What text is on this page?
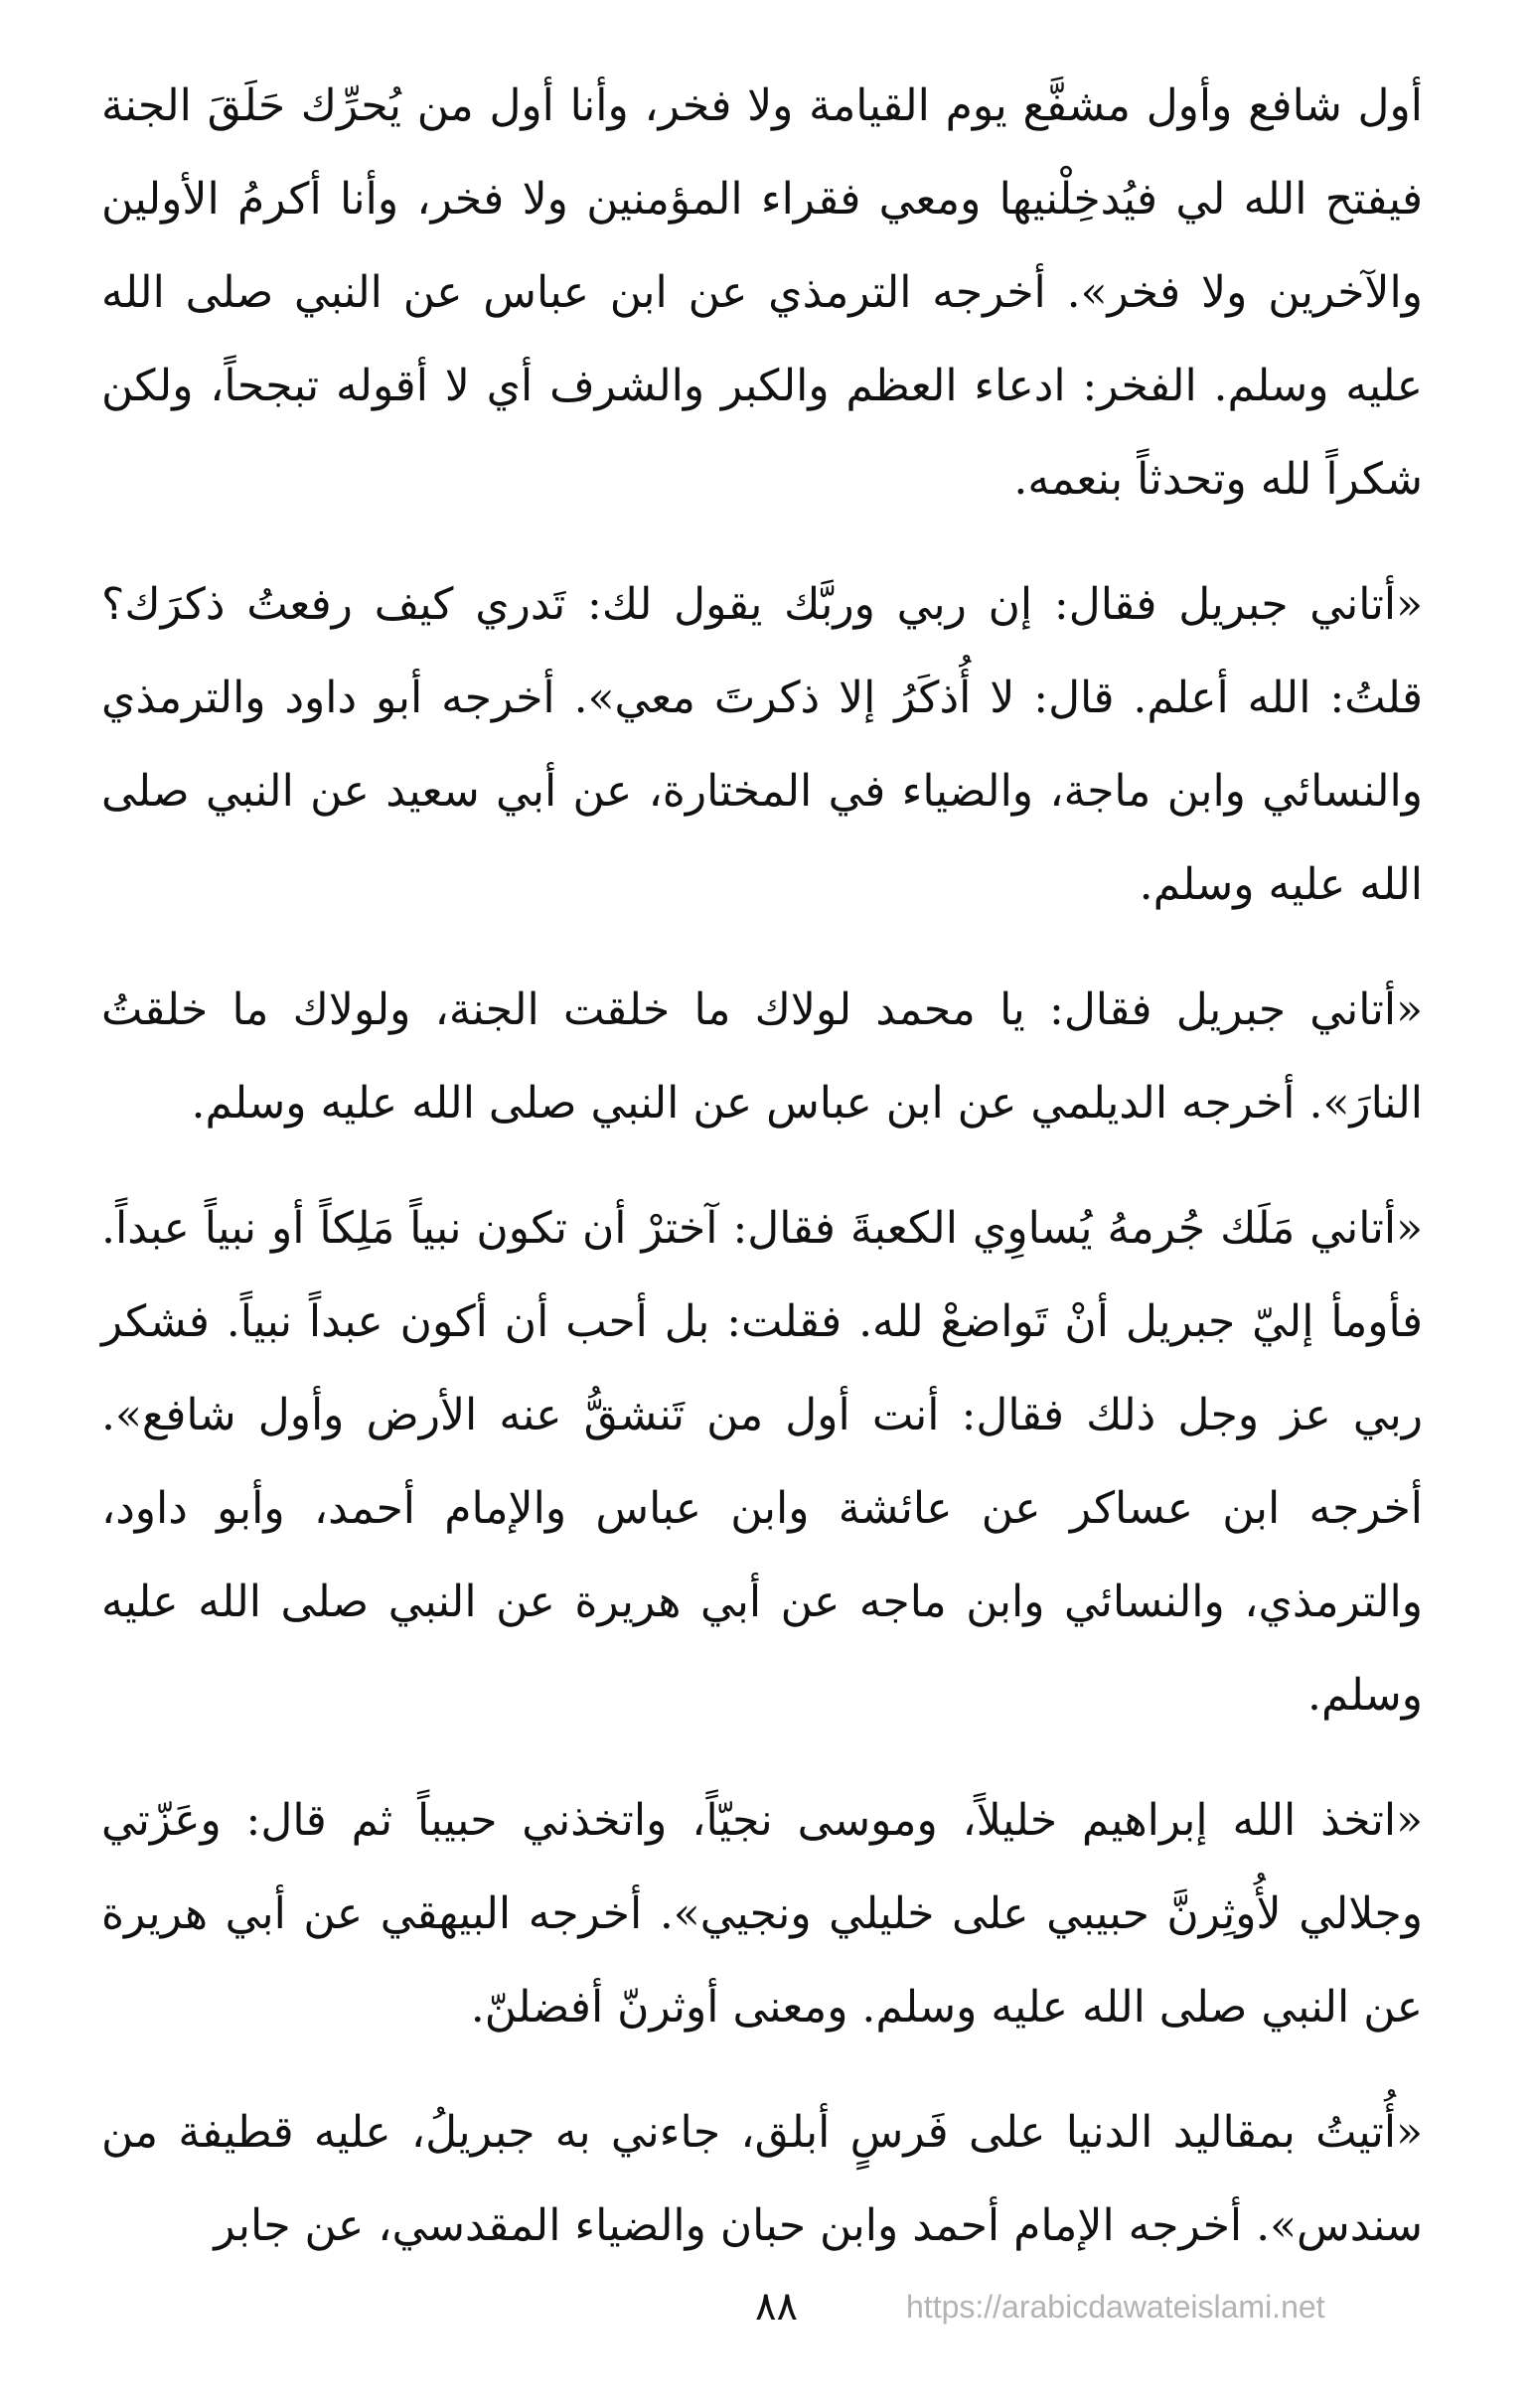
أول شافع وأول مشفَّع يوم القيامة ولا فخر، وأنا أول من يُحرِّك حَلَقَ الجنة فيفتح الله لي فيُدخِلْنيها ومعي فقراء المؤمنين ولا فخر، وأنا أكرمُ الأولين والآخرين ولا فخر». أخرجه الترمذي عن ابن عباس عن النبي صلى الله عليه وسلم. الفخر: ادعاء العظم والكبر والشرف أي لا أقوله تبجحاً، ولكن شكراً لله وتحدثاً بنعمه.

«أتاني جبريل فقال: إن ربي وربَّك يقول لك: تَدري كيف رفعتُ ذكرَك؟ قلتُ: الله أعلم. قال: لا أُذكَرُ إلا ذكرتَ معي». أخرجه أبو داود والترمذي والنسائي وابن ماجة، والضياء في المختارة، عن أبي سعيد عن النبي صلى الله عليه وسلم.

«أتاني جبريل فقال: يا محمد لولاك ما خلقت الجنة، ولولاك ما خلقتُ النارَ». أخرجه الديلمي عن ابن عباس عن النبي صلى الله عليه وسلم.

«أتاني مَلَك جُرمهُ يُساوِي الكعبةَ فقال: آخترْ أن تكون نبياً مَلِكاً أو نبياً عبداً. فأومأ إليّ جبريل أنْ تَواضعْ لله. فقلت: بل أحب أن أكون عبداً نبياً. فشكر ربي عز وجل ذلك فقال: أنت أول من تَنشقُّ عنه الأرض وأول شافع». أخرجه ابن عساكر عن عائشة وابن عباس والإمام أحمد، وأبو داود، والترمذي، والنسائي وابن ماجه عن أبي هريرة عن النبي صلى الله عليه وسلم.

«اتخذ الله إبراهيم خليلاً، وموسى نجيّاً، واتخذني حبيباً ثم قال: وعَزّتي وجلالي لأُوثِرنَّ حبيبي على خليلي ونجيي». أخرجه البيهقي عن أبي هريرة عن النبي صلى الله عليه وسلم. ومعنى أوثرنّ أفضلنّ.

«أُتيتُ بمقاليد الدنيا على فَرسٍ أبلق، جاءني به جبريلُ، عليه قطيفة من سندس». أخرجه الإمام أحمد وابن حبان والضياء المقدسي، عن جابر

٨٨	https://arabicdawateislami.net
